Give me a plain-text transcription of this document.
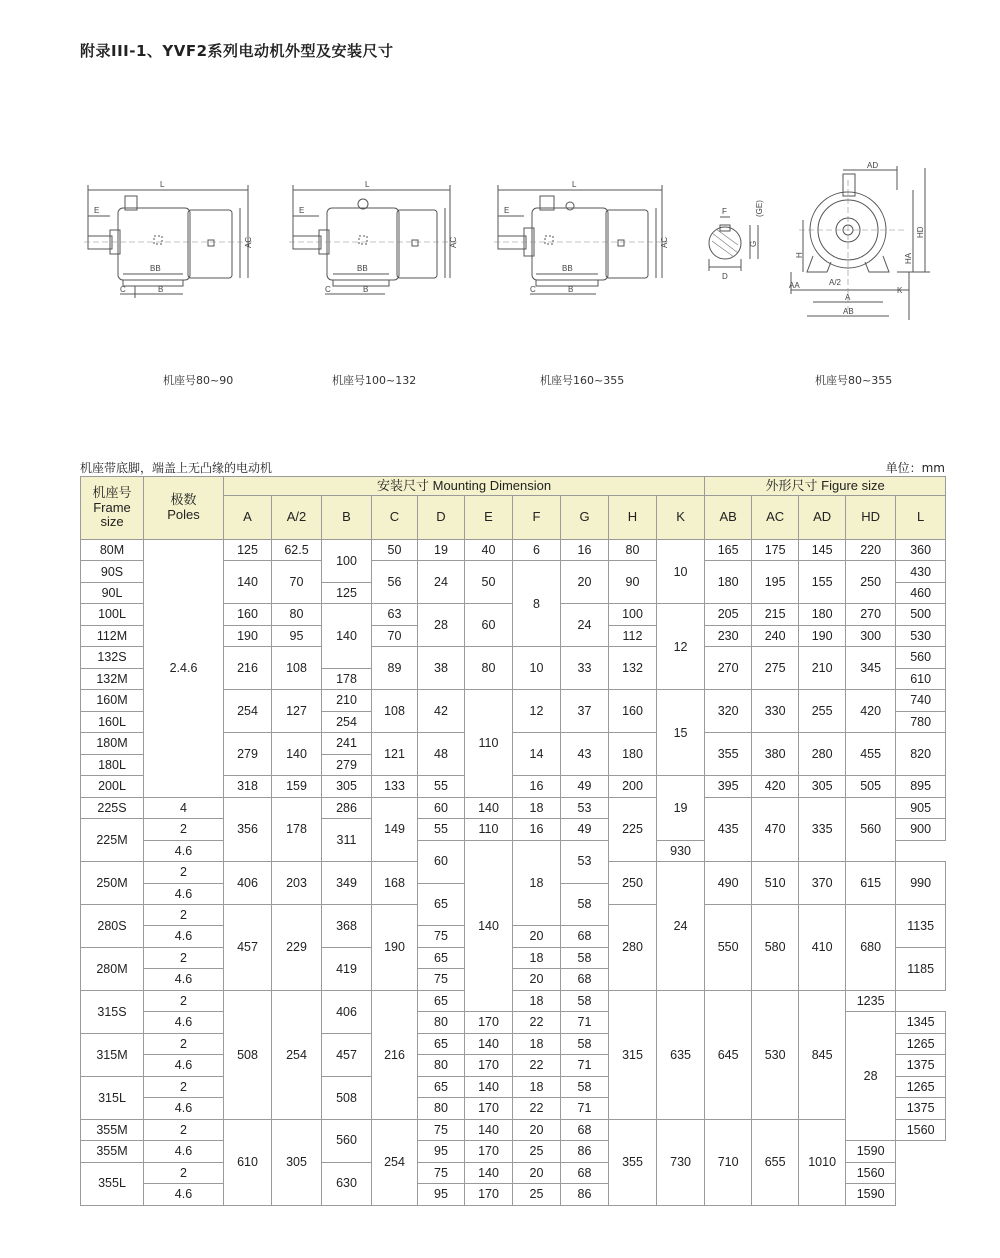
附录III-1、YVF2系列电动机外型及安装尺寸
L
E
BB
C	B
AC
L
E
BB
C	B
AC
L
E
BB
C	B
AC
F	(GE)
G
D
AD
H
HD
HA
AA	A/2
A
K
AB
机座号80~90	机座号100~132	机座号160~355	机座号80~355
机座带底脚，端盖上无凸缘的电动机	单位：mm
机座号
Frame
size	极数
Poles	安装尺寸 Mounting Dimension										外形尺寸 Figure size				
		A	A/2	B	C	D	E	F	G	H	K	AB	AC	AD	HD	L
80M	2.4.6	125	62.5	100	50	19	40	6	16	80	10	165	175	145	220	360
90S		140	70		56	24	50	8	20	90		180	195	155	250	430
90L				125												460
100L		160	80	140	63	28	60		24	100	12	205	215	180	270	500
112M		190	95		70					112		230	240	190	300	530
132S		216	108		89	38	80	10	33	132		270	275	210	345	560
132M				178												610
160M		254	127	210	108	42	110	12	37	160	15	320	330	255	420	740
160L				254												780
180M		279	140	241	121	48		14	43	180		355	380	280	455	820
180L				279												
200L		318	159	305	133	55		16	49	200	19	395	420	305	505	895
225S	4	356	178	286	149	60	140	18	53	225		435	470	335	560	905
225M	2			311		55	110	16	49							900
	4.6					60	140	18	53		930					
250M	2	406	203	349	168					250	24	490	510	370	615	990
	4.6					65			58							
280S	2	457	229	368	190					280		550	580	410	680	1135
	4.6					75		20	68							
280M	2			419		65		18	58							1185
	4.6					75		20	68							
315S	2	508	254	406	216	65		18	58	315	635	645	530	845	1235	
	4.6					80	170	22	71						28	1345
315M	2			457		65	140	18	58							1265
	4.6					80	170	22	71							1375
315L	2			508		65	140	18	58							1265
	4.6					80	170	22	71							1375
355M	2	610	305	560	254	75	140	20	68	355	730	710	655	1010		1560
355M	4.6					95	170	25	86						1590	
355L	2			630		75	140	20	68						1560	
	4.6					95	170	25	86						1590	
